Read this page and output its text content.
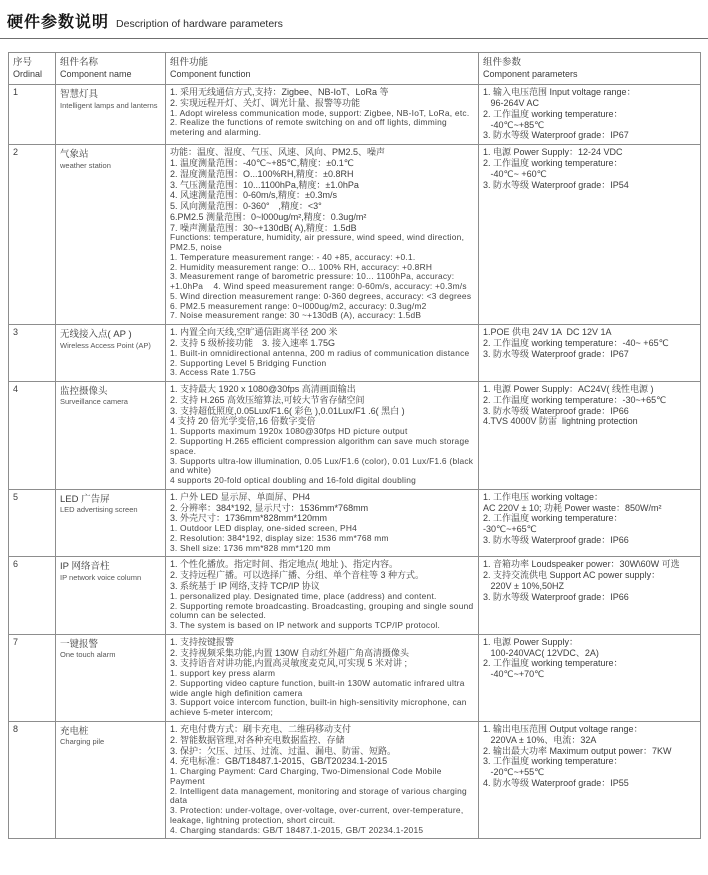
硬件参数说明 Description of hardware parameters
序号
Ordinal

组件名称
Component name

组件功能
Component function

组件参数
Component parameters

1	智慧灯具
Intelligent lamps and lanterns

1. 采用无线通信方式,支持：Zigbee、NB-IoT、LoRa 等
2. 实现远程开灯、关灯、调光计量、报警等功能
1. Adopt wireless communication mode, support: Zigbee, NB-IoT, LoRa, etc.
2. Realize the functions of remote switching on and off lights, dimming metering and alarming.

1. 输入电压范围 Input voltage range：
96-264V AC
2. 工作温度 working temperature：
-40℃~+85℃
3. 防水等级 Waterproof grade：IP67

2	气象站
weather station

功能：温度、湿度、气压、风速、风向、PM2.5、噪声
1. 温度测量范围：-40℃~+85℃,精度：±0.1℃
2. 湿度测量范围：O...100%RH,精度：±0.8RH
3. 气压测量范围：10...1100hPa,精度：±1.0hPa
4. 风速测量范围：0-60m/s,精度：±0.3m/s
5. 风向测量范围：0-360°ㅤ,精度：<3°
6.PM2.5 测量范围：0~l000ug/m²,精度：0.3ug/m²
7. 噪声测量范围：30~+130dB( A),精度：1.5dB
Functions: temperature, humidity, air pressure, wind speed, wind direction, PM2.5, noise
1. Temperature measurement range: - 40 +85, accuracy: +0.1.
2. Humidity measurement range: O... 100% RH, accuracy: +0.8RH
3. Measurement range of barometric pressure: 10... 1100hPa, accuracy: +1.0hPa    4. Wind speed measurement range: 0-60m/s, accuracy: +0.3m/s    5. Wind direction measurement range: 0-360 degrees, accuracy: <3 degrees    6. PM2.5 measurement range: 0~l000ug/m2, accuracy: 0.3ug/m2
7. Noise measurement range: 30 ~+130dB (A), accuracy: 1.5dB

1. 电源 Power Supply：12-24 VDC
2. 工作温度 working temperature：
-40℃~ +60℃
3. 防水等级 Waterproof grade：IP54

3	无线接入点( AP )
Wireless Access Point (AP)

1. 内置全向天线,空旷通信距离半径 200 米
2. 支持 5 级桥接功能　3. 接入速率 1.75G
1. Built-in omnidirectional antenna, 200 m radius of communication distance
2. Supporting Level 5 Bridging Function
3. Access Rate 1.75G

1.POE 供电 24V 1A  DC 12V 1A
2. 工作温度 working temperature：-40~ +65℃
3. 防水等级 Waterproof grade：IP67

4	监控摄像头
Surveillance camera

1. 支持最大 1920 x 1080@30fps 高清画面输出
2. 支持 H.265 高效压缩算法,可较大节省存储空间
3. 支持超低照度,0.05Lux/F1.6( 彩色 ),0.01Lux/F1 .6( 黑白 )
4 支持 20 倍光学变倍,16 倍数字变倍
1. Supports maximum 1920x 1080@30fps HD picture output
2. Supporting H.265 efficient compression algorithm can save much storage space.
3. Supports ultra-low illumination, 0.05 Lux/F1.6 (color), 0.01 Lux/F1.6 (black and white)
4 supports 20-fold optical doubling and 16-fold digital doubling

1. 电源 Power Supply：AC24V( 线性电源 )
2. 工作温度 working temperature：-30~+65℃
3. 防水等级 Waterproof grade：IP66
4.TVS 4000V 防雷  lightning protection

5	LED 广告屏
LED advertising screen

1. 户外 LED 显示屏、单面屏、PH4
2. 分辨率：384*192, 显示尺寸：1536mm*768mm
3. 外壳尺寸：1736mm*828mm*120mm
1. Outdoor LED display, one-sided screen, PH4
2. Resolution: 384*192, display size: 1536 mm*768 mm
3. Shell size: 1736 mm*828 mm*120 mm

1. 工作电压 working voltage：
AC 220V ± 10; 功耗 Power waste：850W/m²
2. 工作温度 working temperature：
-30℃~+65℃
3. 防水等级 Waterproof grade：IP66

6	IP 网络音柱
IP network voice column

1. 个性化播放。指定时间、指定地点( 地址 )、指定内容。
2. 支持远程广播。可以选择广播、分组、单个音柱等 3 种方式。
3. 系统基于 IP 网络,支持 TCP/IP 协议
1. personalized play. Designated time, place (address) and content.
2. Supporting remote broadcasting. Broadcasting, grouping and single sound column can be selected.
3. The system is based on IP network and supports TCP/IP protocol.

1. 音箱功率 Loudspeaker power：30W\60W 可选
2. 支持交流供电 Support AC power supply：
220V ± 10%,50HZ
3. 防水等级 Waterproof grade：IP66

7	一键报警
One touch alarm

1. 支持按键报警
2. 支持视频采集功能,内置 130W 自动红外超广角高清摄像头
3. 支持语音对讲功能,内置高灵敏度麦克风,可实现 5 米对讲 ;
1. support key press alarm
2. Supporting video capture function, built-in 130W automatic infrared ultra wide angle high definition camera
3. Support voice intercom function, built-in high-sensitivity microphone, can achieve 5-meter intercom;

1. 电源 Power Supply：
100-240VAC( 12VDC、2A)
2. 工作温度 working temperature：
-40℃~+70℃

8	充电桩
Charging pile

1. 充电付费方式：刷卡充电、二维码移动支付
2. 智能数据管理,对各种充电数据监控、存储
3. 保护：欠压、过压、过流、过温、漏电、防雷、短路。
4. 充电标准：GB/T18487.1-2015、GB/T20234.1-2015
1. Charging Payment: Card Charging, Two-Dimensional Code Mobile Payment
2. Intelligent data management, monitoring and storage of various charging data
3. Protection: under-voltage, over-voltage, over-current, over-temperature, leakage, lightning protection, short circuit.
4. Charging standards: GB/T 18487.1-2015, GB/T 20234.1-2015

1. 输出电压范围 Output voltage range：
220VA ± 10%、电流：32A
2. 输出最大功率 Maximum output power：7KW
3. 工作温度 working temperature：
-20℃~+55℃
4. 防水等级 Waterproof grade：IP55
